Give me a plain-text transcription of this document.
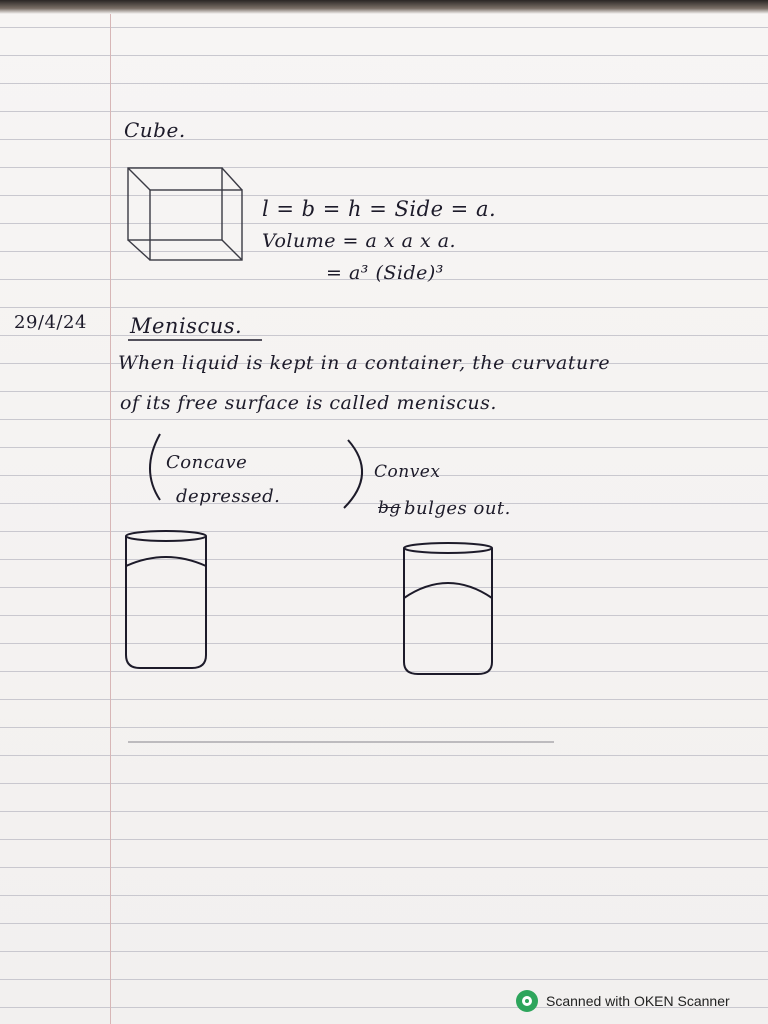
Cube.
l = b = h = Side = a.
Volume = a x a x a.
= a³ (Side)³
29/4/24 Meniscus.
When liquid is kept in a container, the curvature
of its free surface is called meniscus.
Concave
depressed.
Convex
bg bulges out.
Scanned with OKEN Scanner
